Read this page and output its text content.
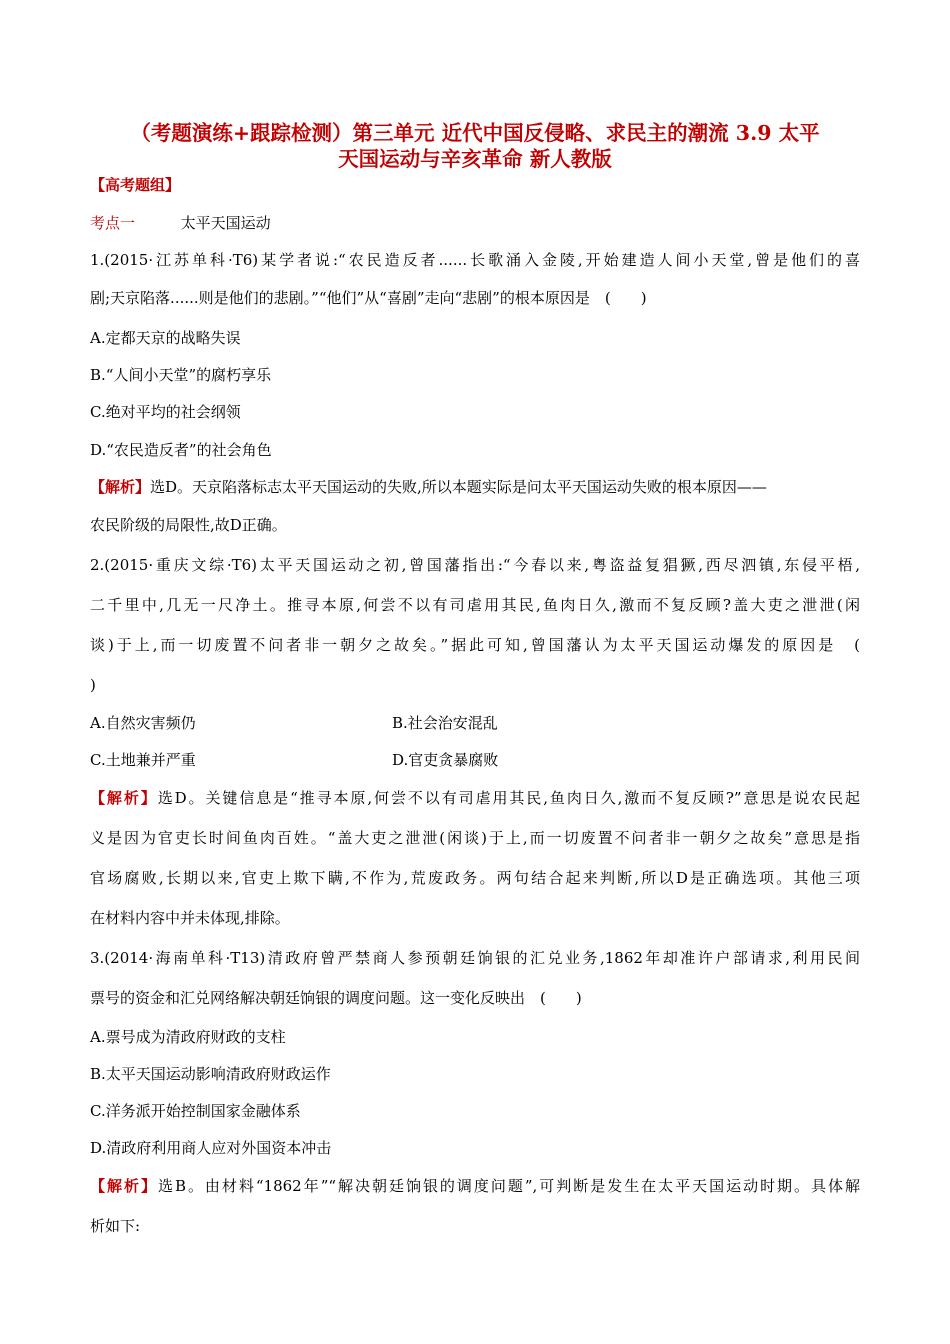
（考题演练+跟踪检测）第三单元 近代中国反侵略、求民主的潮流 3.9 太平
天国运动与辛亥革命 新人教版
【高考题组】
考点一	太平天国运动
1.(2015·江苏单科·T6)某学者说:“农民造反者......长歌涌入金陵,开始建造人间小天堂,曾是他们的喜
剧;天京陷落......则是他们的悲剧。”“他们”从“喜剧”走向“悲剧”的根本原因是　(　　)
A.定都天京的战略失误
B.“人间小天堂”的腐朽享乐
C.绝对平均的社会纲领
D.“农民造反者”的社会角色
【解析】选D。天京陷落标志太平天国运动的失败,所以本题实际是问太平天国运动失败的根本原因——
农民阶级的局限性,故D正确。
2.(2015·重庆文综·T6)太平天国运动之初,曾国藩指出:“今春以来,粤盗益复猖獗,西尽泗镇,东侵平梧,
二千里中,几无一尺净土。推寻本原,何尝不以有司虐用其民,鱼肉日久,激而不复反顾?盖大吏之泄泄(闲
谈)于上,而一切废置不问者非一朝夕之故矣。”据此可知,曾国藩认为太平天国运动爆发的原因是　(
)
A.自然灾害频仍	B.社会治安混乱
C.土地兼并严重	D.官吏贪暴腐败
【解析】选D。关键信息是“推寻本原,何尝不以有司虐用其民,鱼肉日久,激而不复反顾?”意思是说农民起
义是因为官吏长时间鱼肉百姓。“盖大吏之泄泄(闲谈)于上,而一切废置不问者非一朝夕之故矣”意思是指
官场腐败,长期以来,官吏上欺下瞒,不作为,荒废政务。两句结合起来判断,所以D是正确选项。其他三项
在材料内容中并未体现,排除。
3.(2014·海南单科·T13)清政府曾严禁商人参预朝廷饷银的汇兑业务,1862年却准许户部请求,利用民间
票号的资金和汇兑网络解决朝廷饷银的调度问题。这一变化反映出　(　　)
A.票号成为清政府财政的支柱
B.太平天国运动影响清政府财政运作
C.洋务派开始控制国家金融体系
D.清政府利用商人应对外国资本冲击
【解析】选B。由材料“1862年”“解决朝廷饷银的调度问题”,可判断是发生在太平天国运动时期。具体解
析如下:
